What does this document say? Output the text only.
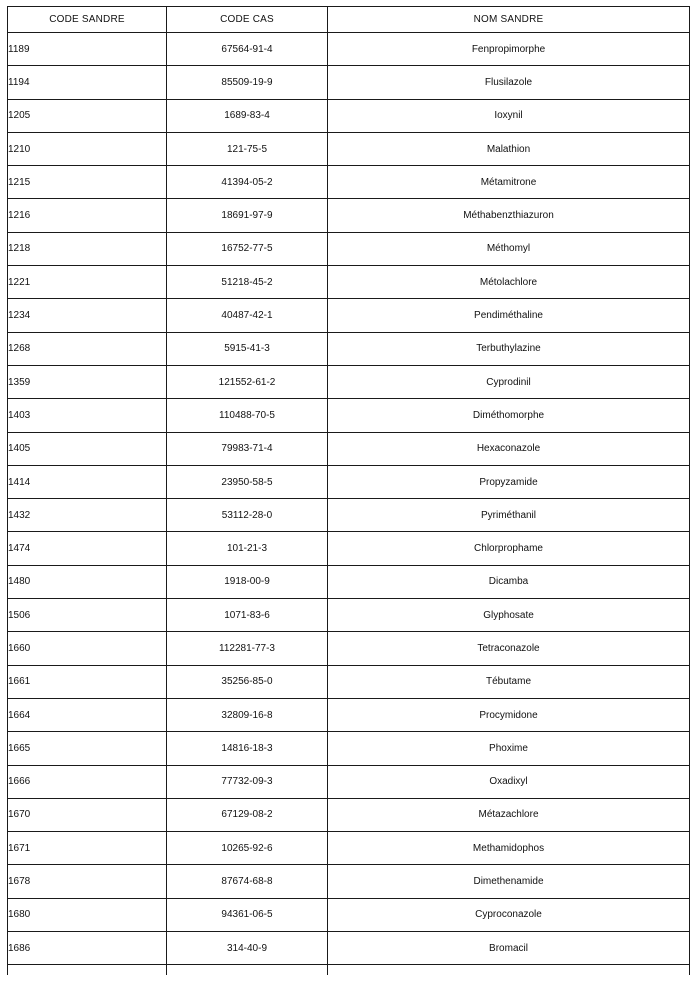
CODE SANDRE	CODE CAS	NOM SANDRE
1189	67564-91-4	Fenpropimorphe
1194	85509-19-9	Flusilazole
1205	1689-83-4	Ioxynil
1210	121-75-5	Malathion
1215	41394-05-2	Métamitrone
1216	18691-97-9	Méthabenzthiazuron
1218	16752-77-5	Méthomyl
1221	51218-45-2	Métolachlore
1234	40487-42-1	Pendiméthaline
1268	5915-41-3	Terbuthylazine
1359	121552-61-2	Cyprodinil
1403	110488-70-5	Diméthomorphe
1405	79983-71-4	Hexaconazole
1414	23950-58-5	Propyzamide
1432	53112-28-0	Pyriméthanil
1474	101-21-3	Chlorprophame
1480	1918-00-9	Dicamba
1506	1071-83-6	Glyphosate
1660	112281-77-3	Tetraconazole
1661	35256-85-0	Tébutame
1664	32809-16-8	Procymidone
1665	14816-18-3	Phoxime
1666	77732-09-3	Oxadixyl
1670	67129-08-2	Métazachlore
1671	10265-92-6	Methamidophos
1678	87674-68-8	Dimethenamide
1680	94361-06-5	Cyproconazole
1686	314-40-9	Bromacil
